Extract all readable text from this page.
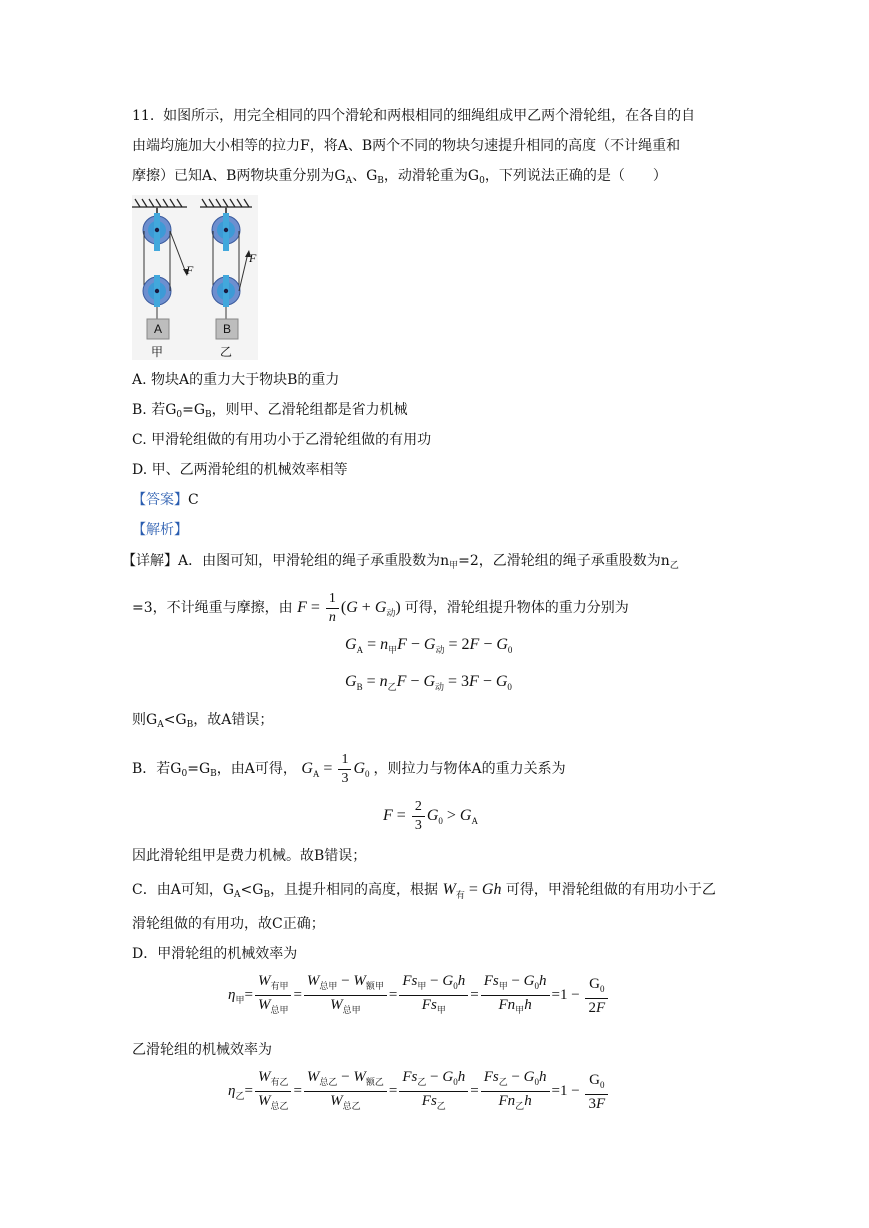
11. 如图所示，用完全相同的四个滑轮和两根相同的细绳组成甲乙两个滑轮组，在各自的自
由端均施加大小相等的拉力F，将A、B两个不同的物块匀速提升相同的高度（不计绳重和
摩擦）已知A、B两物块重分别为$G_A$、$G_B$，动滑轮重为$G_0$，下列说法正确的是（　　）
F
F
A	B
甲	乙
A. 物块A的重力大于物块B的重力
B. 若$G_0=G_B$，则甲、乙滑轮组都是省力机械
C. 甲滑轮组做的有用功小于乙滑轮组做的有用功
D. 甲、乙两滑轮组的机械效率相等
【答案】C
【解析】
【详解】A．由图可知，甲滑轮组的绳子承重股数为$n_甲=2$，乙滑轮组的绳子承重股数为$n_乙$
=3，不计绳重与摩擦，由 $F = \frac{1}{n} (G + G_动)$ 可得，滑轮组提升物体的重力分别为
$G_A = n_甲F - G_动 = 2F - G_0$
$G_B = n_乙F - G_动 = 3F - G_0$
则$G_A<G_B$，故A错误；
B．若$G_0=G_B$，由A可得， $G_A = \frac{1}{3} G_0$ ，则拉力与物体A的重力关系为
$F = \frac{2}{3} G_0 > G_A$
因此滑轮组甲是费力机械。故B错误；
C．由A可知，$G_A<G_B$，且提升相同的高度，根据 $W_有 = Gh$ 可得，甲滑轮组做的有用功小于乙
滑轮组做的有用功，故C正确；
D．甲滑轮组的机械效率为
$\eta_甲= \frac{W_{有甲}}{W_{总甲}} = \frac{W_{总甲} - W_{额甲}}{W_{总甲}} = \frac{Fs_甲 - G_0h}{Fs_甲} = \frac{Fs_甲 - G_0h}{Fn_甲h} =1 - \frac{G_0}{2F}$
乙滑轮组的机械效率为
$\eta_乙= \frac{W_{有乙}}{W_{总乙}} = \frac{W_{总乙} - W_{额乙}}{W_{总乙}} = \frac{Fs_乙 - G_0h}{Fs_乙} = \frac{Fs_乙 - G_0h}{Fn_乙h} =1 - \frac{G_0}{3F}$
